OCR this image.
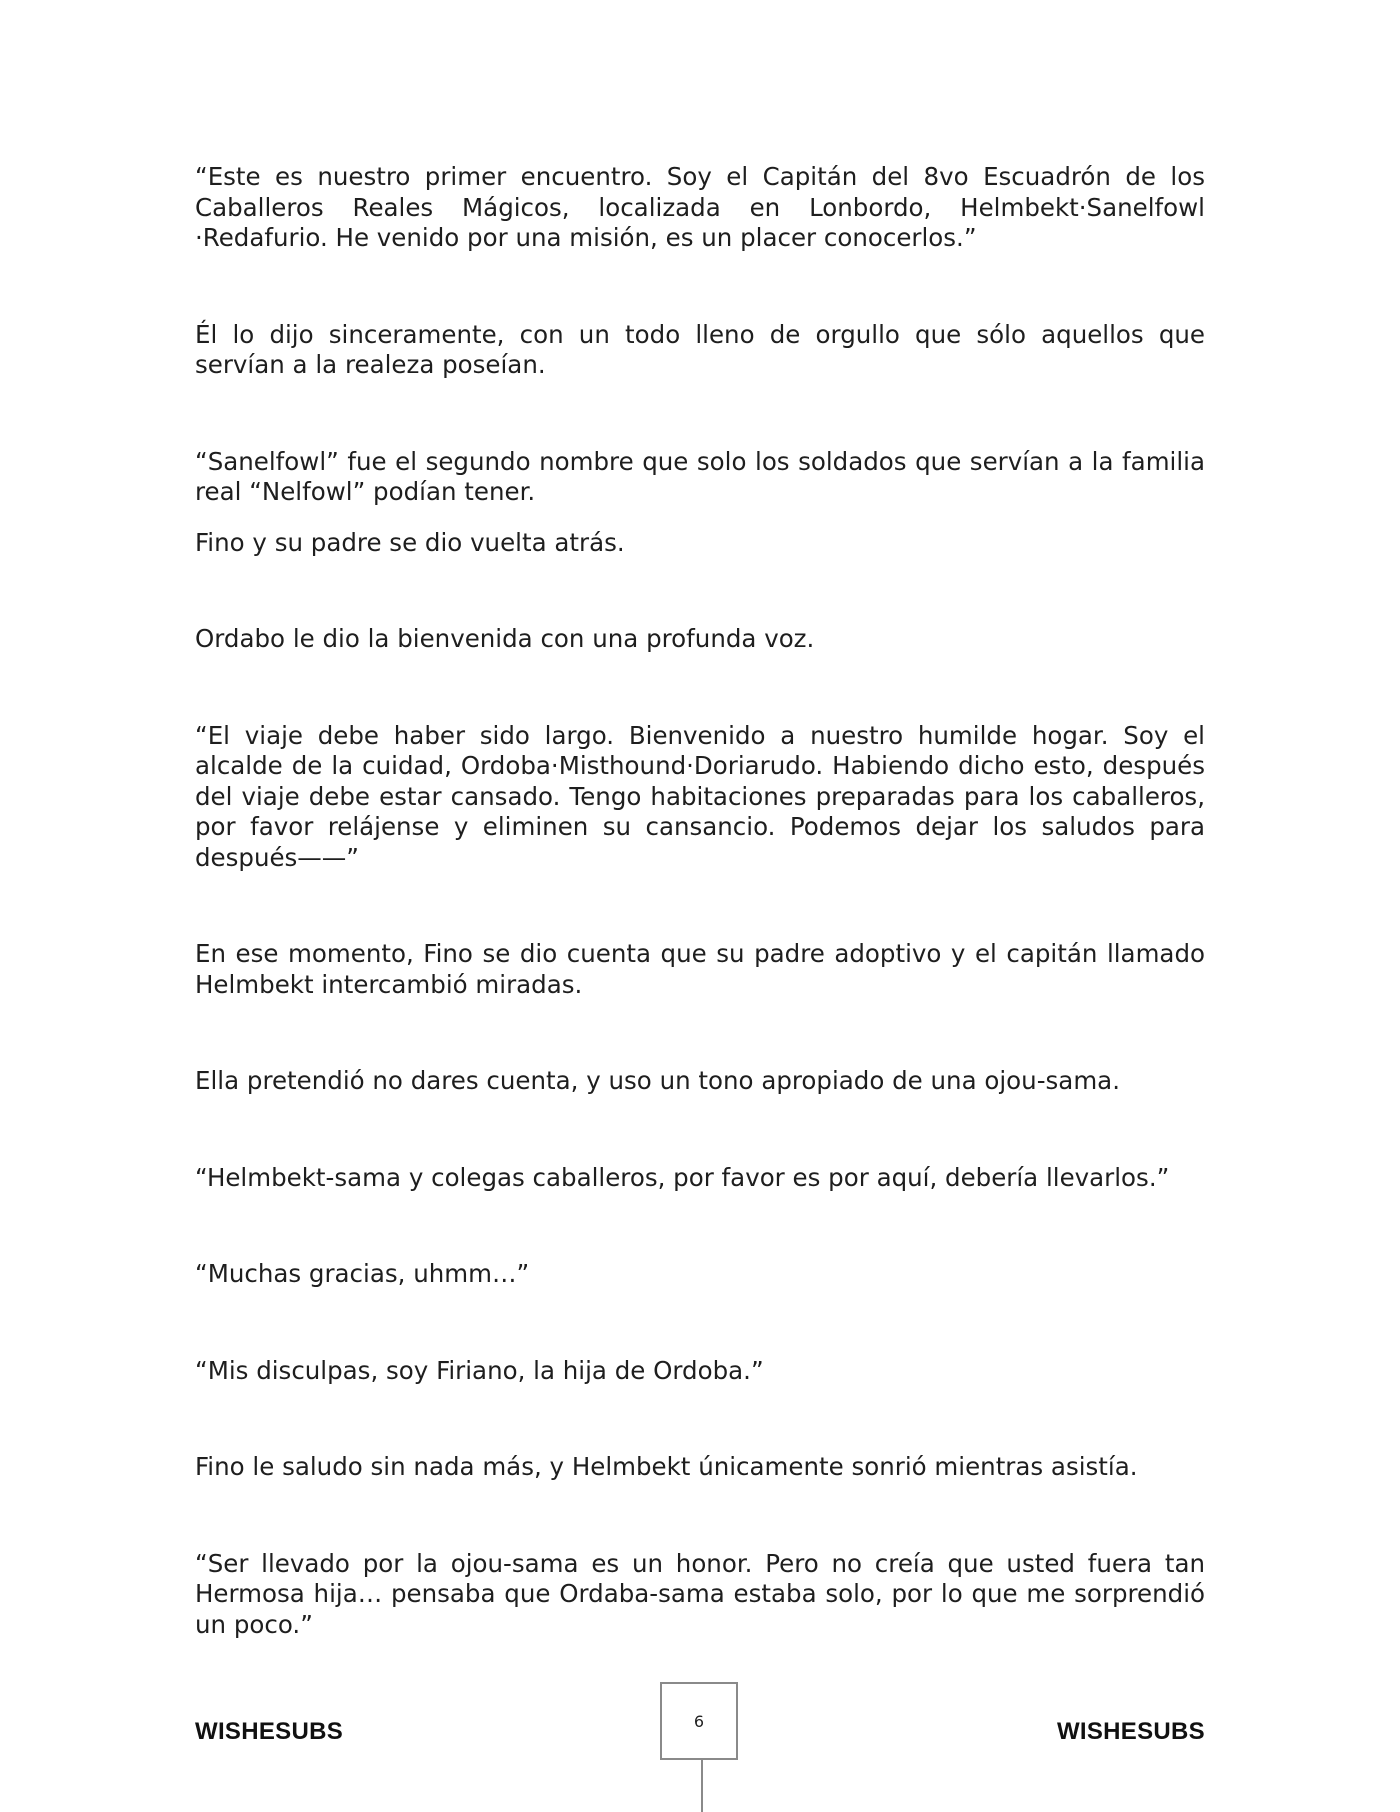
“Este es nuestro primer encuentro. Soy el Capitán del 8vo Escuadrón de los Caballeros Reales Mágicos, localizada en Lonbordo, Helmbekt·Sanelfowl ·Redafurio. He venido por una misión, es un placer conocerlos.”

Él lo dijo sinceramente, con un todo lleno de orgullo que sólo aquellos que servían a la realeza poseían.

“Sanelfowl” fue el segundo nombre que solo los soldados que servían a la familia real “Nelfowl” podían tener.

Fino y su padre se dio vuelta atrás.

Ordabo le dio la bienvenida con una profunda voz.

“El viaje debe haber sido largo. Bienvenido a nuestro humilde hogar. Soy el alcalde de la cuidad, Ordoba·Misthound·Doriarudo. Habiendo dicho esto, después del viaje debe estar cansado. Tengo habitaciones preparadas para los caballeros, por favor relájense y eliminen su cansancio. Podemos dejar los saludos para después——”

En ese momento, Fino se dio cuenta que su padre adoptivo y el capitán llamado Helmbekt intercambió miradas.

Ella pretendió no dares cuenta, y uso un tono apropiado de una ojou-sama.

“Helmbekt-sama y colegas caballeros, por favor es por aquí, debería llevarlos.”

“Muchas gracias, uhmm…”

“Mis disculpas, soy Firiano, la hija de Ordoba.”

Fino le saludo sin nada más, y Helmbekt únicamente sonrió mientras asistía.

“Ser llevado por la ojou-sama es un honor. Pero no creía que usted fuera tan Hermosa hija… pensaba que Ordaba-sama estaba solo, por lo que me sorprendió un poco.”

WISHESUBS	6	WISHESUBS
